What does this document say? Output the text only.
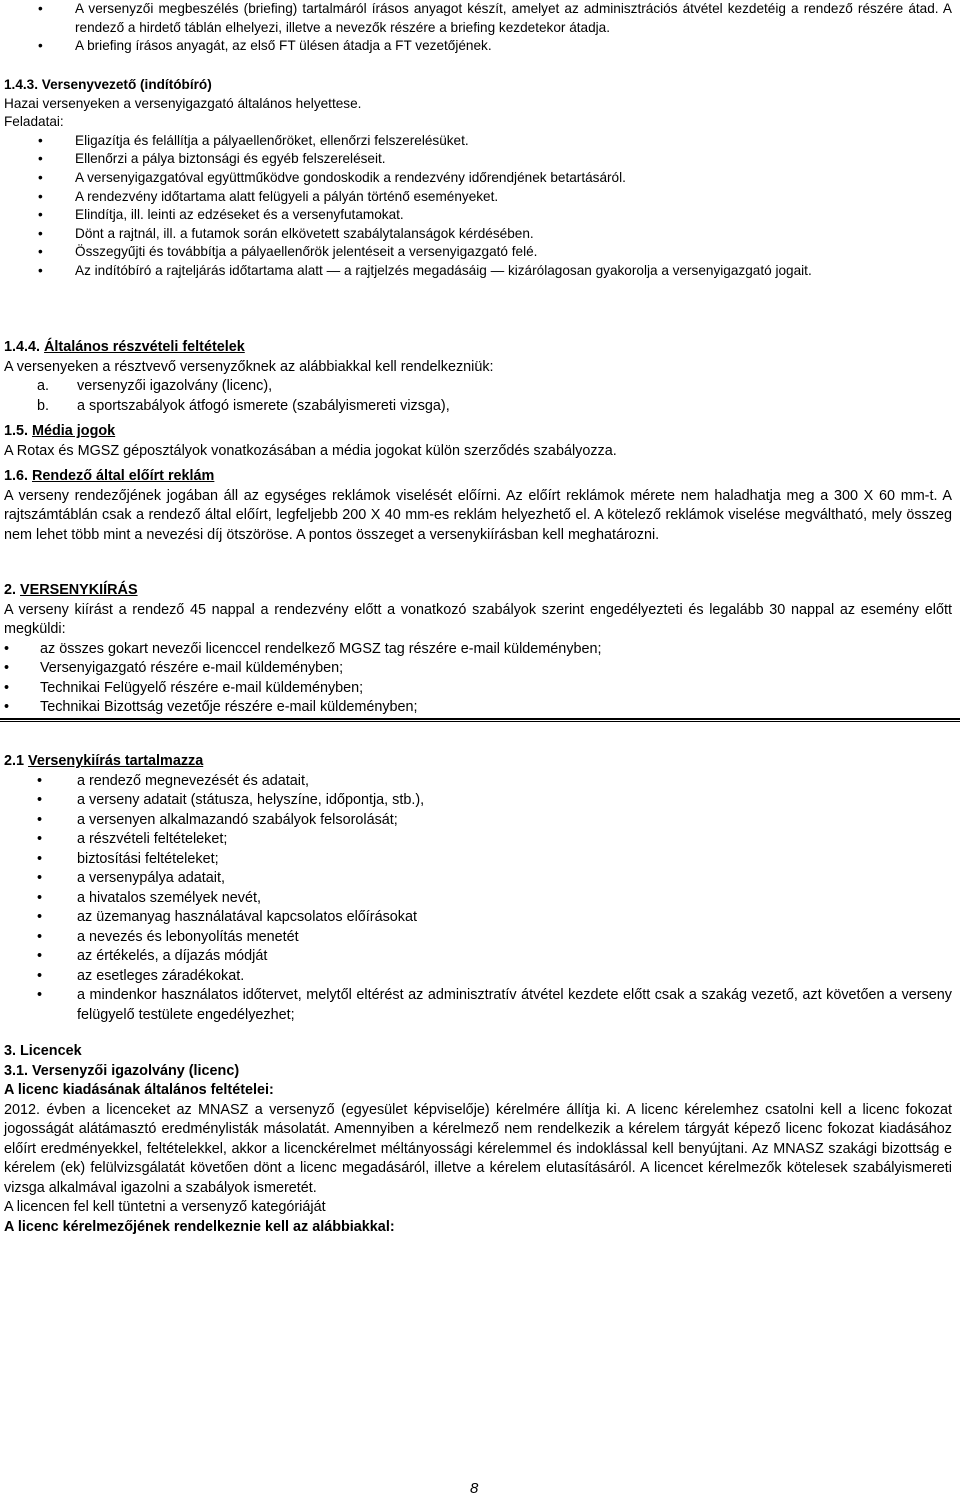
• A versenyzői megbeszélés (briefing) tartalmáról írásos anyagot készít, amelyet az adminisztrációs átvétel kezdetéig a rendező részére átad. A rendező a hirdető táblán elhelyezi, illetve a nevezők részére a briefing kezdetekor átadja.
• A briefing írásos anyagát, az első FT ülésen átadja a FT vezetőjének.

1.4.3. Versenyvezető (indítóbíró)

Hazai versenyeken a versenyigazgató általános helyettese.

Feladatai:

• Eligazítja és felállítja a pályaellenőröket, ellenőrzi felszerelésüket.
• Ellenőrzi a pálya biztonsági és egyéb felszereléseit.
• A versenyigazgatóval együttműködve gondoskodik a rendezvény időrendjének betartásáról.
• A rendezvény időtartama alatt felügyeli a pályán történő eseményeket.
• Elindítja, ill. leinti az edzéseket és a versenyfutamokat.
• Dönt a rajtnál, ill. a futamok során elkövetett szabálytalanságok kérdésében.
• Összegyűjti és továbbítja a pályaellenőrök jelentéseit a versenyigazgató felé.
• Az indítóbíró a rajteljárás időtartama alatt — a rajtjelzés megadásáig — kizárólagosan gyakorolja a versenyigazgató jogait.

1.4.4. Általános részvételi feltételek

A versenyeken a résztvevő versenyzőknek az alábbiakkal kell rendelkezniük:

a. versenyzői igazolvány (licenc),
b. a sportszabályok átfogó ismerete (szabályismereti vizsga),

1.5. Média jogok

A Rotax és MGSZ géposztályok vonatkozásában a média jogokat külön szerződés szabályozza.

1.6. Rendező által előírt reklám

A verseny rendezőjének jogában áll az egységes reklámok viselését előírni. Az előírt reklámok mérete nem haladhatja meg a 300 X 60 mm-t. A rajtszámtáblán csak a rendező által előírt, legfeljebb 200 X 40 mm-es reklám helyezhető el. A kötelező reklámok viselése megváltható, mely összeg nem lehet több mint a nevezési díj ötszöröse. A pontos összeget a versenykiírásban kell meghatározni.

2. VERSENYKIÍRÁS

A verseny kiírást a rendező 45 nappal a rendezvény előtt a vonatkozó szabályok szerint engedélyezteti és legalább 30 nappal az esemény előtt megküldi:

• az összes gokart nevezői licenccel rendelkező MGSZ tag részére e-mail küldeményben;
• Versenyigazgató részére e-mail küldeményben;
• Technikai Felügyelő részére e-mail küldeményben;
• Technikai Bizottság vezetője részére e-mail küldeményben;

2.1 Versenykiírás tartalmazza

• a rendező megnevezését és adatait,
• a verseny adatait (státusza, helyszíne, időpontja, stb.),
• a versenyen alkalmazandó szabályok felsorolását;
• a részvételi feltételeket;
• biztosítási feltételeket;
• a versenypálya adatait,
• a hivatalos személyek nevét,
• az üzemanyag használatával kapcsolatos előírásokat
• a nevezés és lebonyolítás menetét
• az értékelés, a díjazás módját
• az esetleges záradékokat.
• a mindenkor használatos időtervet, melytől eltérést az adminisztratív átvétel kezdete előtt csak a szakág vezető, azt követően a verseny felügyelő testülete engedélyezhet;

3. Licencek

3.1. Versenyzői igazolvány (licenc)

A licenc kiadásának általános feltételei:

2012. évben a licenceket az MNASZ a versenyző (egyesület képviselője) kérelmére állítja ki. A licenc kérelemhez csatolni kell a licenc fokozat jogosságát alátámasztó eredménylisták másolatát. Amennyiben a kérelmező nem rendelkezik a kérelem tárgyát képező licenc fokozat kiadásához előírt eredményekkel, feltételekkel, akkor a licenckérelmet méltányossági kérelemmel és indoklással kell benyújtani. Az MNASZ szakági bizottság e kérelem (ek) felülvizsgálatát követően dönt a licenc megadásáról, illetve a kérelem elutasításáról. A licencet kérelmezők kötelesek szabályismereti vizsga alkalmával igazolni a szabályok ismeretét.

A licencen fel kell tüntetni a versenyző kategóriáját

A licenc kérelmezőjének rendelkeznie kell az alábbiakkal:

8
